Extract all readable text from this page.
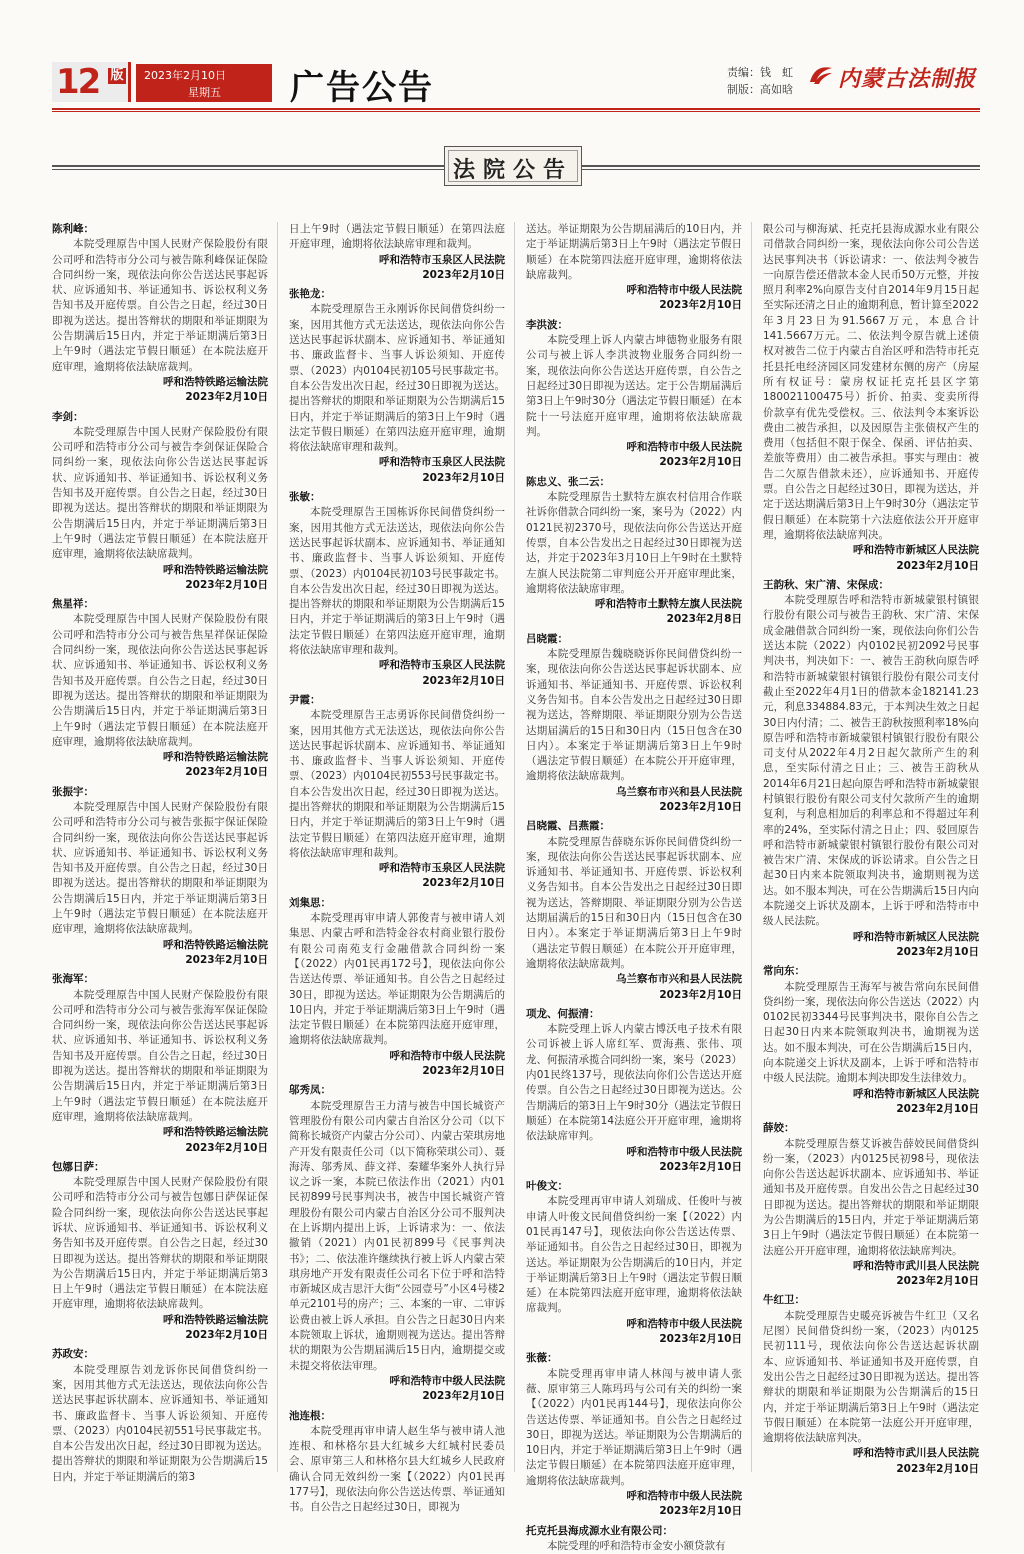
12 版 2023年2月10日
星期五 广告公告	责编：钱　虹
制版：高如晗 内蒙古法制报
法院公告

陈利峰：

本院受理原告中国人民财产保险股份有限公司呼和浩特市分公司与被告陈利峰保证保险合同纠纷一案，现依法向你公告送达民事起诉状、应诉通知书、举证通知书、诉讼权利义务告知书及开庭传票。自公告之日起，经过30日即视为送达。提出答辩状的期限和举证期限为公告期满后15日内，并定于举证期满后第3日上午9时（遇法定节假日顺延）在本院法庭开庭审理，逾期将依法缺席裁判。

呼和浩特铁路运输法院

2023年2月10日

李剑：

本院受理原告中国人民财产保险股份有限公司呼和浩特市分公司与被告李剑保证保险合同纠纷一案，现依法向你公告送达民事起诉状、应诉通知书、举证通知书、诉讼权利义务告知书及开庭传票。自公告之日起，经过30日即视为送达。提出答辩状的期限和举证期限为公告期满后15日内，并定于举证期满后第3日上午9时（遇法定节假日顺延）在本院法庭开庭审理，逾期将依法缺席裁判。

呼和浩特铁路运输法院

2023年2月10日

焦星祥：

本院受理原告中国人民财产保险股份有限公司呼和浩特市分公司与被告焦星祥保证保险合同纠纷一案，现依法向你公告送达民事起诉状、应诉通知书、举证通知书、诉讼权利义务告知书及开庭传票。自公告之日起，经过30日即视为送达。提出答辩状的期限和举证期限为公告期满后15日内，并定于举证期满后第3日上午9时（遇法定节假日顺延）在本院法庭开庭审理，逾期将依法缺席裁判。

呼和浩特铁路运输法院

2023年2月10日

张振宇：

本院受理原告中国人民财产保险股份有限公司呼和浩特市分公司与被告张振宇保证保险合同纠纷一案，现依法向你公告送达民事起诉状、应诉通知书、举证通知书、诉讼权利义务告知书及开庭传票。自公告之日起，经过30日即视为送达。提出答辩状的期限和举证期限为公告期满后15日内，并定于举证期满后第3日上午9时（遇法定节假日顺延）在本院法庭开庭审理，逾期将依法缺席裁判。

呼和浩特铁路运输法院

2023年2月10日

张海军：

本院受理原告中国人民财产保险股份有限公司呼和浩特市分公司与被告张海军保证保险合同纠纷一案，现依法向你公告送达民事起诉状、应诉通知书、举证通知书、诉讼权利义务告知书及开庭传票。自公告之日起，经过30日即视为送达。提出答辩状的期限和举证期限为公告期满后15日内，并定于举证期满后第3日上午9时（遇法定节假日顺延）在本院法庭开庭审理，逾期将依法缺席裁判。

呼和浩特铁路运输法院

2023年2月10日

包娜日萨：

本院受理原告中国人民财产保险股份有限公司呼和浩特市分公司与被告包娜日萨保证保险合同纠纷一案，现依法向你公告送达民事起诉状、应诉通知书、举证通知书、诉讼权利义务告知书及开庭传票。自公告之日起，经过30日即视为送达。提出答辩状的期限和举证期限为公告期满后15日内，并定于举证期满后第3日上午9时（遇法定节假日顺延）在本院法庭开庭审理，逾期将依法缺席裁判。

呼和浩特铁路运输法院

2023年2月10日

苏政安：

本院受理原告刘龙诉你民间借贷纠纷一案，因用其他方式无法送达，现依法向你公告送达民事起诉状副本、应诉通知书、举证通知书、廉政监督卡、当事人诉讼须知、开庭传票、（2023）内0104民初551号民事裁定书。自本公告发出次日起，经过30日即视为送达。提出答辩状的期限和举证期限为公告期满后15日内，并定于举证期满后的第3

日上午9时（遇法定节假日顺延）在第四法庭开庭审理，逾期将依法缺席审理和裁判。

呼和浩特市玉泉区人民法院

2023年2月10日

张艳龙：

本院受理原告王永刚诉你民间借贷纠纷一案，因用其他方式无法送达，现依法向你公告送达民事起诉状副本、应诉通知书、举证通知书、廉政监督卡、当事人诉讼须知、开庭传票、（2023）内0104民初105号民事裁定书。自本公告发出次日起，经过30日即视为送达。提出答辩状的期限和举证期限为公告期满后15日内，并定于举证期满后的第3日上午9时（遇法定节假日顺延）在第四法庭开庭审理，逾期将依法缺席审理和裁判。

呼和浩特市玉泉区人民法院

2023年2月10日

张敏：

本院受理原告王国栋诉你民间借贷纠纷一案，因用其他方式无法送达，现依法向你公告送达民事起诉状副本、应诉通知书、举证通知书、廉政监督卡、当事人诉讼须知、开庭传票、（2023）内0104民初103号民事裁定书。自本公告发出次日起，经过30日即视为送达。提出答辩状的期限和举证期限为公告期满后15日内，并定于举证期满后的第3日上午9时（遇法定节假日顺延）在第四法庭开庭审理，逾期将依法缺席审理和裁判。

呼和浩特市玉泉区人民法院

2023年2月10日

尹霞：

本院受理原告王志勇诉你民间借贷纠纷一案，因用其他方式无法送达，现依法向你公告送达民事起诉状副本、应诉通知书、举证通知书、廉政监督卡、当事人诉讼须知、开庭传票、（2023）内0104民初553号民事裁定书。自本公告发出次日起，经过30日即视为送达。提出答辩状的期限和举证期限为公告期满后15日内，并定于举证期满后的第3日上午9时（遇法定节假日顺延）在第四法庭开庭审理，逾期将依法缺席审理和裁判。

呼和浩特市玉泉区人民法院

2023年2月10日

刘集思：

本院受理再审申请人郭俊青与被申请人刘集思、内蒙古呼和浩特金谷农村商业银行股份有限公司南苑支行金融借款合同纠纷一案【（2022）内01民再172号】，现依法向你公告送达传票、举证通知书。自公告之日起经过30日，即视为送达。举证期限为公告期满后的10日内，并定于举证期满后第3日上午9时（遇法定节假日顺延）在本院第四法庭开庭审理，逾期将依法缺席裁判。

呼和浩特市中级人民法院

2023年2月10日

邬秀凤：

本院受理原告王力清与被告中国长城资产管理股份有限公司内蒙古自治区分公司（以下简称长城资产内蒙古分公司）、内蒙古荣琪房地产开发有限责任公司（以下简称荣琪公司）、聂海涛、邬秀凤、薛文祥、秦耀华案外人执行异议之诉一案，本院已依法作出（2021）内01民初899号民事判决书，被告中国长城资产管理股份有限公司内蒙古自治区分公司不服判决在上诉期内提出上诉，上诉请求为：一、依法撤销（2021）内01民初899号《民事判决书》；二、依法准许继续执行被上诉人内蒙古荣琪房地产开发有限责任公司名下位于呼和浩特市新城区成吉思汗大街“公园壹号”小区4号楼2单元2101号的房产；三、本案的一审、二审诉讼费由被上诉人承担。自公告之日起30日内来本院领取上诉状，逾期则视为送达。提出答辩状的期限为公告期届满后15日内，逾期提交或未提交将依法审理。

呼和浩特市中级人民法院

2023年2月10日

池连根：

本院受理再审申请人赵生华与被申请人池连根、和林格尔县大红城乡大红城村民委员会、原审第三人和林格尔县大红城乡人民政府确认合同无效纠纷一案【（2022）内01民再177号】，现依法向你公告送达传票、举证通知书。自公告之日起经过30日，即视为

送达。举证期限为公告期届满后的10日内，并定于举证期满后第3日上午9时（遇法定节假日顺延）在本院第四法庭开庭审理，逾期将依法缺席裁判。

呼和浩特市中级人民法院

2023年2月10日

李洪波：

本院受理上诉人内蒙古坤德物业服务有限公司与被上诉人李洪波物业服务合同纠纷一案，现依法向你公告送达开庭传票，自公告之日起经过30日即视为送达。定于公告期届满后第3日上午9时30分（遇法定节假日顺延）在本院十一号法庭开庭审理，逾期将依法缺席裁判。

呼和浩特市中级人民法院

2023年2月10日

陈忠义、张二云：

本院受理原告土默特左旗农村信用合作联社诉你借款合同纠纷一案，案号为（2022）内0121民初2370号，现依法向你公告送达开庭传票，自本公告发出之日起经过30日即视为送达，并定于2023年3月10日上午9时在土默特左旗人民法院第二审判庭公开开庭审理此案，逾期将依法缺席审理。

呼和浩特市土默特左旗人民法院

2023年2月8日

吕晓霞：

本院受理原告魏晓晓诉你民间借贷纠纷一案，现依法向你公告送达民事起诉状副本、应诉通知书、举证通知书、开庭传票、诉讼权利义务告知书。自本公告发出之日起经过30日即视为送达，答辩期限、举证期限分别为公告送达期届满后的15日和30日内（15日包含在30日内）。本案定于举证期满后第3日上午9时（遇法定节假日顺延）在本院公开开庭审理，逾期将依法缺席裁判。

乌兰察布市兴和县人民法院

2023年2月10日

吕晓霞、吕燕霞：

本院受理原告薛晓东诉你民间借贷纠纷一案，现依法向你公告送达民事起诉状副本、应诉通知书、举证通知书、开庭传票、诉讼权利义务告知书。自本公告发出之日起经过30日即视为送达，答辩期限、举证期限分别为公告送达期届满后的15日和30日内（15日包含在30日内）。本案定于举证期满后第3日上午9时（遇法定节假日顺延）在本院公开开庭审理，逾期将依法缺席裁判。

乌兰察布市兴和县人民法院

2023年2月10日

项龙、何振清：

本院受理上诉人内蒙古博沃电子技术有限公司诉被上诉人席红军、贾海燕、张伟、项龙、何振清承揽合同纠纷一案，案号（2023）内01民终137号，现依法向你们公告送达开庭传票。自公告之日起经过30日即视为送达。公告期满后的第3日上午9时30分（遇法定节假日顺延）在本院第14法庭公开开庭审理，逾期将依法缺席审判。

呼和浩特市中级人民法院

2023年2月10日

叶俊文：

本院受理再审申请人刘瑞成、任俊叶与被申请人叶俊文民间借贷纠纷一案【（2022）内01民再147号】，现依法向你公告送达传票、举证通知书。自公告之日起经过30日，即视为送达。举证期限为公告期满后的10日内，并定于举证期满后第3日上午9时（遇法定节假日顺延）在本院第四法庭开庭审理，逾期将依法缺席裁判。

呼和浩特市中级人民法院

2023年2月10日

张薇：

本院受理再审申请人林闯与被申请人张薇、原审第三人陈玛玛与公司有关的纠纷一案【（2022）内01民再144号】，现依法向你公告送达传票、举证通知书。自公告之日起经过30日，即视为送达。举证期限为公告期满后的10日内，并定于举证期满后第3日上午9时（遇法定节假日顺延）在本院第四法庭开庭审理，逾期将依法缺席裁判。

呼和浩特市中级人民法院

2023年2月10日

托克托县海成源水业有限公司：

本院受理的呼和浩特市金安小额贷款有

限公司与柳海斌、托克托县海成源水业有限公司借款合同纠纷一案，现依法向你公司公告送达民事判决书（诉讼请求：一、依法判令被告一向原告偿还借款本金人民币50万元整，并按照月利率2%向原告支付自2014年9月15日起至实际还清之日止的逾期利息，暂计算至2022年3月23日为91.5667万元，本息合计141.5667万元。二、依法判令原告就上述债权对被告二位于内蒙古自治区呼和浩特市托克托县托电经济园区同发建材东侧的房产（房屋所有权证号：蒙房权证托克托县区字第180021100475号）折价、拍卖、变卖所得价款享有优先受偿权。三、依法判令本案诉讼费由二被告承担，以及因原告主张债权产生的费用（包括但不限于保全、保函、评估拍卖、差旅等费用）由二被告承担。事实与理由：被告二欠原告借款未还），应诉通知书、开庭传票。自公告之日起经过30日，即视为送达，并定于送达期满后第3日上午9时30分（遇法定节假日顺延）在本院第十六法庭依法公开开庭审理，逾期将依法缺席判决。

呼和浩特市新城区人民法院

2023年2月10日

王韵秋、宋广清、宋保成：

本院受理原告呼和浩特市新城蒙银村镇银行股份有限公司与被告王韵秋、宋广清、宋保成金融借款合同纠纷一案，现依法向你们公告送达本院（2022）内0102民初2092号民事判决书，判决如下：一、被告王韵秋向原告呼和浩特市新城蒙银村镇银行股份有限公司支付截止至2022年4月1日的借款本金182141.23元，利息334884.83元，于本判决生效之日起30日内付清；二、被告王韵秋按照利率18%向原告呼和浩特市新城蒙银村镇银行股份有限公司支付从2022年4月2日起欠款所产生的利息，至实际付清之日止；三、被告王韵秋从2014年6月21日起向原告呼和浩特市新城蒙银村镇银行股份有限公司支付欠款所产生的逾期复利，与利息相加后的利率总和不得超过年利率的24%，至实际付清之日止；四、驳回原告呼和浩特市新城蒙银村镇银行股份有限公司对被告宋广清、宋保成的诉讼请求。自公告之日起30日内来本院领取判决书，逾期则视为送达。如不服本判决，可在公告期满后15日内向本院递交上诉状及副本，上诉于呼和浩特市中级人民法院。

呼和浩特市新城区人民法院

2023年2月10日

常向东：

本院受理原告王海军与被告常向东民间借贷纠纷一案，现依法向你公告送达（2022）内0102民初3344号民事判决书，限你自公告之日起30日内来本院领取判决书，逾期视为送达。如不服本判决，可在公告期满后15日内，向本院递交上诉状及副本，上诉于呼和浩特市中级人民法院。逾期本判决即发生法律效力。

呼和浩特市新城区人民法院

2023年2月10日

薛姣：

本院受理原告蔡艾诉被告薛姣民间借贷纠纷一案，（2023）内0125民初98号，现依法向你公告送达起诉状副本、应诉通知书、举证通知书及开庭传票。自发出公告之日起经过30日即视为送达。提出答辩状的期限和举证期限为公告期满后的15日内，并定于举证期满后第3日上午9时（遇法定节假日顺延）在本院第一法庭公开开庭审理，逾期将依法缺席判决。

呼和浩特市武川县人民法院

2023年2月10日

牛红卫：

本院受理原告史暖亮诉被告牛红卫（又名尼图）民间借贷纠纷一案，（2023）内0125民初111号，现依法向你公告送达起诉状副本、应诉通知书、举证通知书及开庭传票，自发出公告之日起经过30日即视为送达。提出答辩状的期限和举证期限为公告期满后的15日内，并定于举证期满后第3日上午9时（遇法定节假日顺延）在本院第一法庭公开开庭审理，逾期将依法缺席判决。

呼和浩特市武川县人民法院

2023年2月10日
